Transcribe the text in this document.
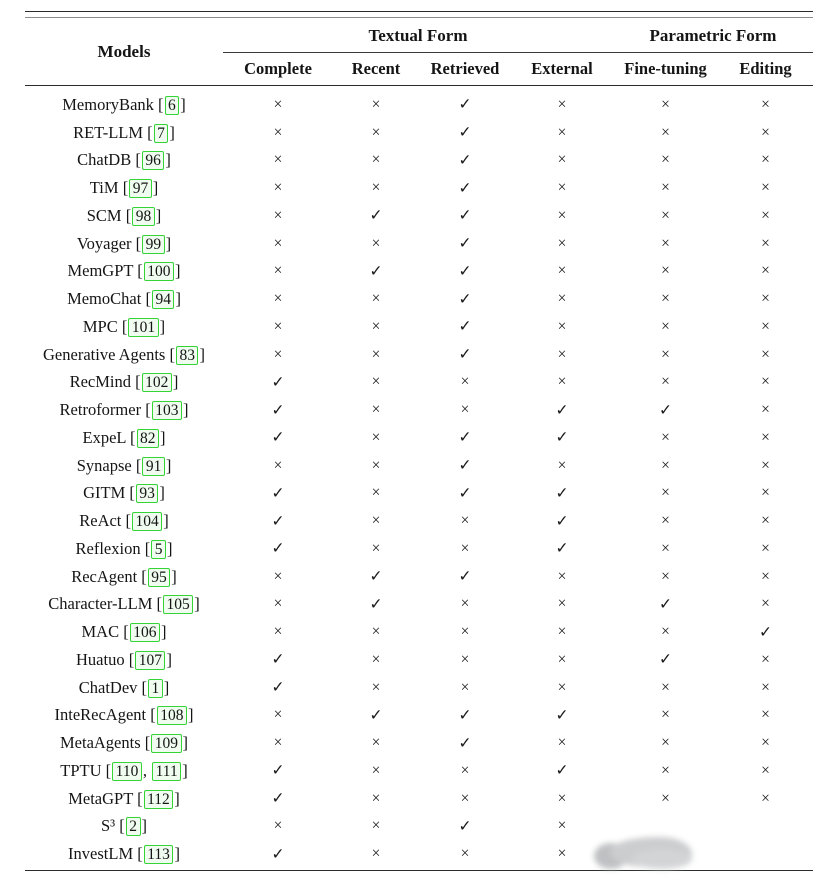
Models
Textual Form	Parametric Form
Complete	Recent	Retrieved	External	Fine-tuning	Editing
MemoryBank [ 6 ]	×	×	✓	×	×	×
RET-LLM [ 7 ]	×	×	✓	×	×	×
ChatDB [ 96 ]	×	×	✓	×	×	×
TiM [ 97 ]	×	×	✓	×	×	×
SCM [ 98 ]	×	✓	✓	×	×	×
Voyager [ 99 ]	×	×	✓	×	×	×
MemGPT [ 100 ]	×	✓	✓	×	×	×
MemoChat [ 94 ]	×	×	✓	×	×	×
MPC [ 101 ]	×	×	✓	×	×	×
Generative Agents [ 83 ]	×	×	✓	×	×	×
RecMind [ 102 ]	✓	×	×	×	×	×
Retroformer [ 103 ]	✓	×	×	✓	✓	×
ExpeL [ 82 ]	✓	×	✓	✓	×	×
Synapse [ 91 ]	×	×	✓	×	×	×
GITM [ 93 ]	✓	×	✓	✓	×	×
ReAct [ 104 ]	✓	×	×	✓	×	×
Reflexion [ 5 ]	✓	×	×	✓	×	×
RecAgent [ 95 ]	×	✓	✓	×	×	×
Character-LLM [ 105 ]	×	✓	×	×	✓	×
MAC [ 106 ]	×	×	×	×	×	✓
Huatuo [ 107 ]	✓	×	×	×	✓	×
ChatDev [ 1 ]	✓	×	×	×	×	×
InteRecAgent [ 108 ]	×	✓	✓	✓	×	×
MetaAgents [ 109 ]	×	×	✓	×	×	×
TPTU [ 110 , 111 ]	✓	×	×	✓	×	×
MetaGPT [ 112 ]	✓	×	×	×	×	×
S³ [ 2 ]	×	×	✓	×
InvestLM [ 113 ]	✓	×	×	×
